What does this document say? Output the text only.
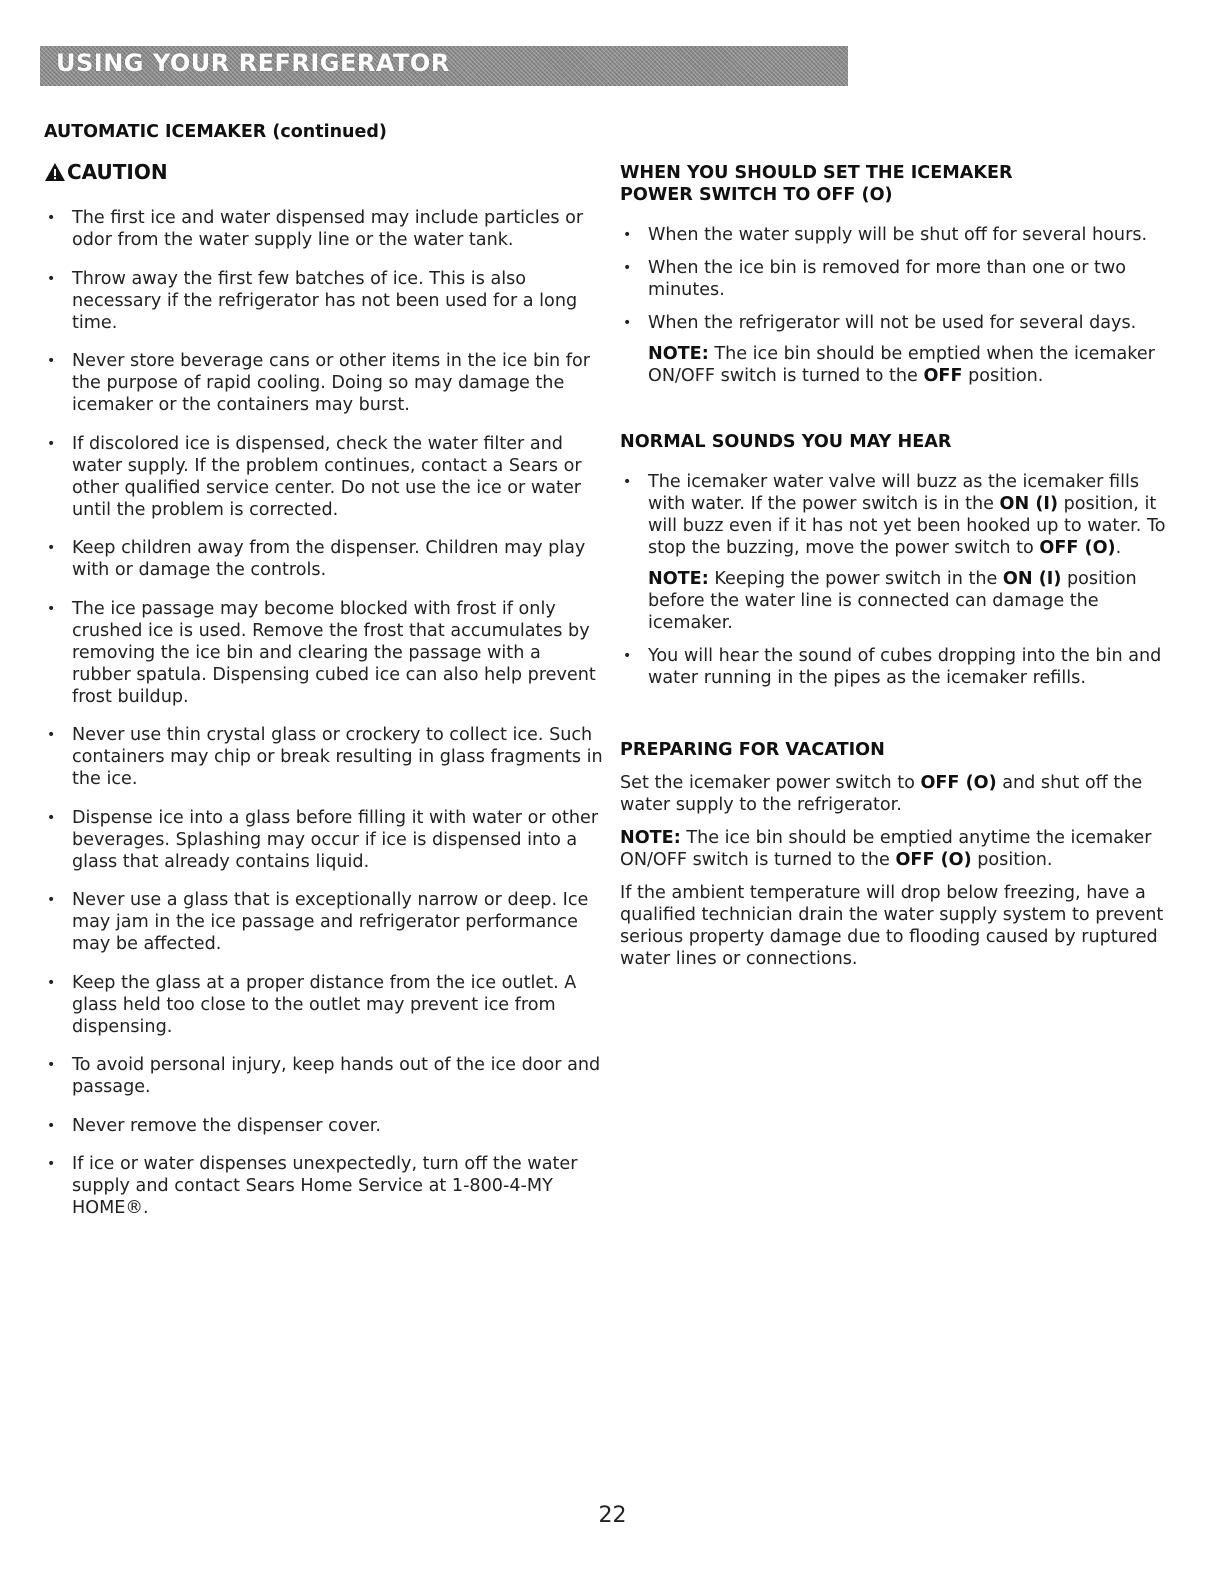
USING YOUR REFRIGERATOR
AUTOMATIC ICEMAKER (continued)
CAUTION
• The first ice and water dispensed may include particles or odor from the water supply line or the water tank.
• Throw away the first few batches of ice. This is also necessary if the refrigerator has not been used for a long time.
• Never store beverage cans or other items in the ice bin for the purpose of rapid cooling. Doing so may damage the icemaker or the containers may burst.
• If discolored ice is dispensed, check the water filter and water supply. If the problem continues, contact a Sears or other qualified service center. Do not use the ice or water until the problem is corrected.
• Keep children away from the dispenser. Children may play with or damage the controls.
• The ice passage may become blocked with frost if only crushed ice is used. Remove the frost that accumulates by removing the ice bin and clearing the passage with a rubber spatula. Dispensing cubed ice can also help prevent frost buildup.
• Never use thin crystal glass or crockery to collect ice. Such containers may chip or break resulting in glass fragments in the ice.
• Dispense ice into a glass before filling it with water or other beverages. Splashing may occur if ice is dispensed into a glass that already contains liquid.
• Never use a glass that is exceptionally narrow or deep. Ice may jam in the ice passage and refrigerator performance may be affected.
• Keep the glass at a proper distance from the ice outlet. A glass held too close to the outlet may prevent ice from dispensing.
• To avoid personal injury, keep hands out of the ice door and passage.
• Never remove the dispenser cover.
• If ice or water dispenses unexpectedly, turn off the water supply and contact Sears Home Service at 1-800-4-MY HOME®.
WHEN YOU SHOULD SET THE ICEMAKER
POWER SWITCH TO OFF (O)
• When the water supply will be shut off for several hours.
• When the ice bin is removed for more than one or two minutes.
• When the refrigerator will not be used for several days.

NOTE: The ice bin should be emptied when the icemaker ON/OFF switch is turned to the OFF position.

NORMAL SOUNDS YOU MAY HEAR
• The icemaker water valve will buzz as the icemaker fills with water. If the power switch is in the ON (I) position, it will buzz even if it has not yet been hooked up to water. To stop the buzzing, move the power switch to OFF (O).

NOTE: Keeping the power switch in the ON (I) position before the water line is connected can damage the icemaker.

• You will hear the sound of cubes dropping into the bin and water running in the pipes as the icemaker refills.
PREPARING FOR VACATION

Set the icemaker power switch to OFF (O) and shut off the water supply to the refrigerator.

NOTE: The ice bin should be emptied anytime the icemaker ON/OFF switch is turned to the OFF (O) position.

If the ambient temperature will drop below freezing, have a qualified technician drain the water supply system to prevent serious property damage due to flooding caused by ruptured water lines or connections.

22
